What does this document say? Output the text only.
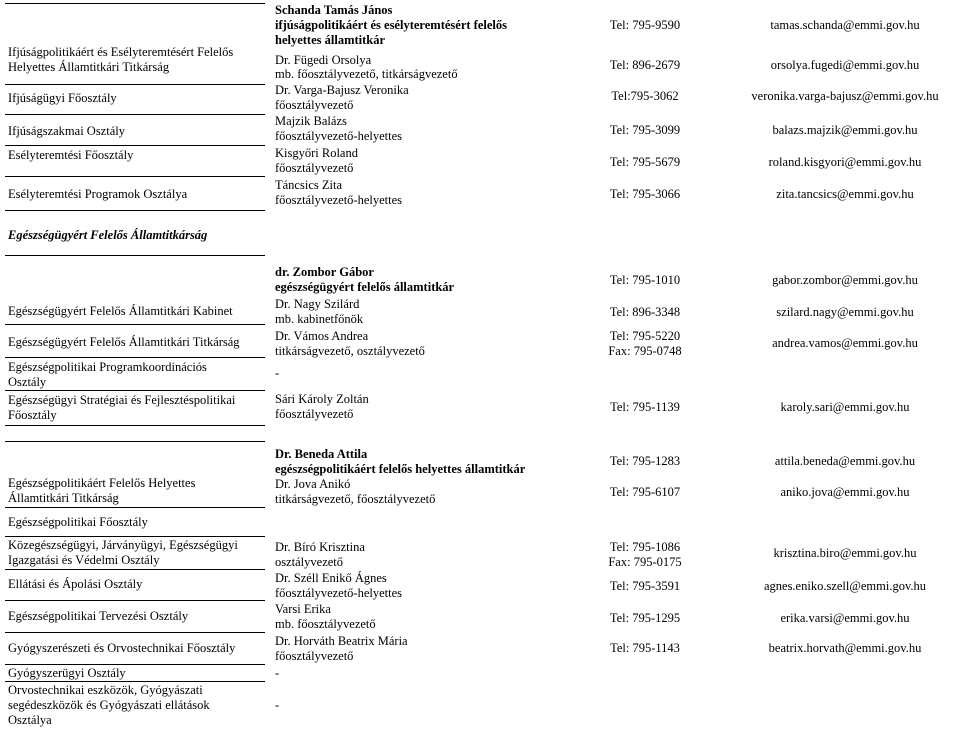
Ifjúságpolitikáért és Esélyteremtésért Felelős
Helyettes Államtitkári Titkárság
Ifjúságügyi Főosztály
Ifjúságszakmai Osztály
Esélyteremtési Főosztály
Esélyteremtési Programok Osztálya
Schanda Tamás János
ifjúságpolitikáért és esélyteremtésért felelős
helyettes államtitkár
Dr. Fügedi Orsolya
mb. főosztályvezető, titkárságvezető
Dr. Varga-Bajusz Veronika
főosztályvezető
Majzik Balázs
főosztályvezető-helyettes
Kisgyőri Roland
főosztályvezető
Táncsics Zita
főosztályvezető-helyettes
Tel: 795-9590
Tel: 896-2679
Tel:795-3062
Tel: 795-3099
Tel: 795-5679
Tel: 795-3066
tamas.schanda@emmi.gov.hu
orsolya.fugedi@emmi.gov.hu
veronika.varga-bajusz@emmi.gov.hu
balazs.majzik@emmi.gov.hu
roland.kisgyori@emmi.gov.hu
zita.tancsics@emmi.gov.hu
Egészségügyért Felelős Államtitkárság
Egészségügyért Felelős Államtitkári Kabinet
Egészségügyért Felelős Államtitkári Titkárság
Egészségpolitikai Programkoordinációs
Osztály
Egészségügyi Stratégiai és Fejlesztéspolitikai
Főosztály
dr. Zombor Gábor
egészségügyért felelős államtitkár
Dr. Nagy Szilárd
mb. kabinetfőnök
Dr. Vámos Andrea
titkárságvezető, osztályvezető
-
Sári Károly Zoltán
főosztályvezető
Tel: 795-1010
Tel: 896-3348
Tel: 795-5220
Fax: 795-0748
Tel: 795-1139
gabor.zombor@emmi.gov.hu
szilard.nagy@emmi.gov.hu
andrea.vamos@emmi.gov.hu
karoly.sari@emmi.gov.hu
Egészségpolitikáért Felelős Helyettes
Államtitkári Titkárság
Egészségpolitikai Főosztály
Közegészségügyi, Járványügyi, Egészségügyi
Igazgatási és Védelmi Osztály
Ellátási és Ápolási Osztály
Egészségpolitikai Tervezési Osztály
Gyógyszerészeti és Orvostechnikai Főosztály
Gyógyszerügyi Osztály
Orvostechnikai eszközök, Gyógyászati
segédeszközök és Gyógyászati ellátások
Osztálya
Dr. Beneda Attila
egészségpolitikáért felelős helyettes államtitkár
Dr. Jova Anikó
titkárságvezető, főosztályvezető
Dr. Bíró Krisztina
osztályvezető
Dr. Széll Enikő Ágnes
főosztályvezető-helyettes
Varsi Erika
mb. főosztályvezető
Dr. Horváth Beatrix Mária
főosztályvezető
-
-
Tel: 795-1283
Tel: 795-6107
Tel: 795-1086
Fax: 795-0175
Tel: 795-3591
Tel: 795-1295
Tel: 795-1143
attila.beneda@emmi.gov.hu
aniko.jova@emmi.gov.hu
krisztina.biro@emmi.gov.hu
agnes.eniko.szell@emmi.gov.hu
erika.varsi@emmi.gov.hu
beatrix.horvath@emmi.gov.hu
